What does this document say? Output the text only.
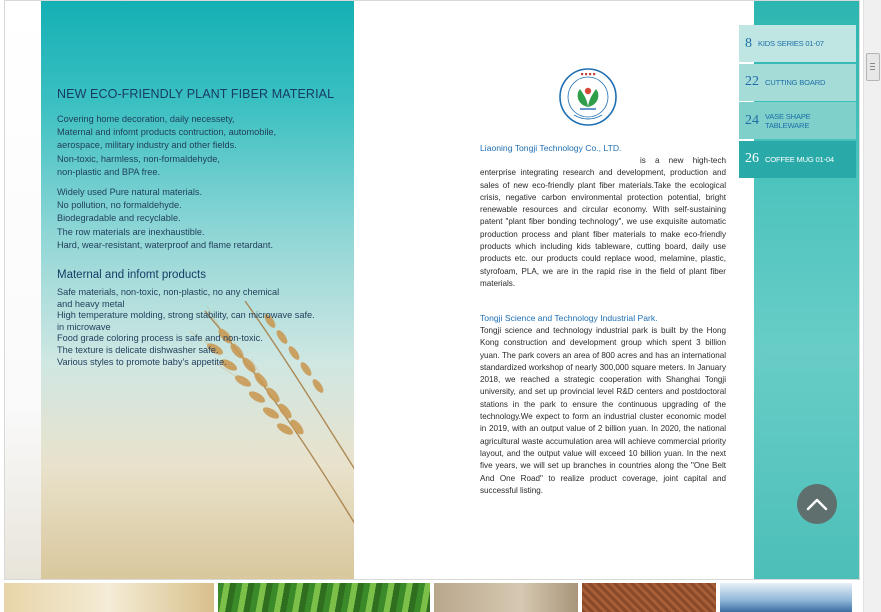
NEW ECO-FRIENDLY PLANT FIBER MATERIAL
Covering home decoration, daily necessety,
Maternal and infomt products contruction, automobile,
aerospace, military industry and other fields.
Non-toxic, harmless, non-formaldehyde,
non-plastic and BPA free.
Widely used Pure natural materials.
No pollution, no formaldehyde.
Biodegradable and recyclable.
The row materials are inexhaustible.
Hard, wear-resistant, waterproof and flame retardant.
Maternal and infomt products
Safe materials, non-toxic, non-plastic, no any chemical
and heavy metal
High temperature molding, strong stability, can microwave safe.
in microwave
Food grade coloring process is safe and non-toxic.
The texture is delicate dishwasher safe.
Various styles to promote baby's appetite.
Liaoning Tongji Technology Co., LTD.
is a new high-tech enterprise integrating research and development, production and sales of new eco-friendly plant fiber materials.Take the ecological crisis, negative carbon environmental protection potential, bright renewable resources and circular economy. With self-sustaining patent "plant fiber bonding technology", we use exquisite automatic production process and plant fiber materials to make eco-friendly products which including kids tableware, cutting board, daily use products etc. our products could replace wood, melamine, plastic, styrofoam, PLA, we are in the rapid rise in the field of plant fiber materials.
Tongji Science and Technology Industrial Park.
Tongji science and technology industrial park is built by the Hong Kong construction and development group which spent 3 billion yuan. The park covers an area of 800 acres and has an international standardized workshop of nearly 300,000 square meters. In January 2018, we reached a strategic cooperation with Shanghai Tongji university, and set up provincial level R&D centers and postdoctoral stations in the park to ensure the continuous upgrading of the technology.We expect to form an industrial cluster economic model in 2019, with an output value of 2 billion yuan. In 2020, the national agricultural waste accumulation area will achieve commercial priority layout, and the output value will exceed 10 billion yuan. In the next five years, we will set up branches in countries along the "One Belt And One Road" to realize product coverage, joint capital and successful listing.
8 KIDS SERIES 01-07
22 CUTTING BOARD
24 VASE SHAPE TABLEWARE
26 COFFEE MUG 01-04
